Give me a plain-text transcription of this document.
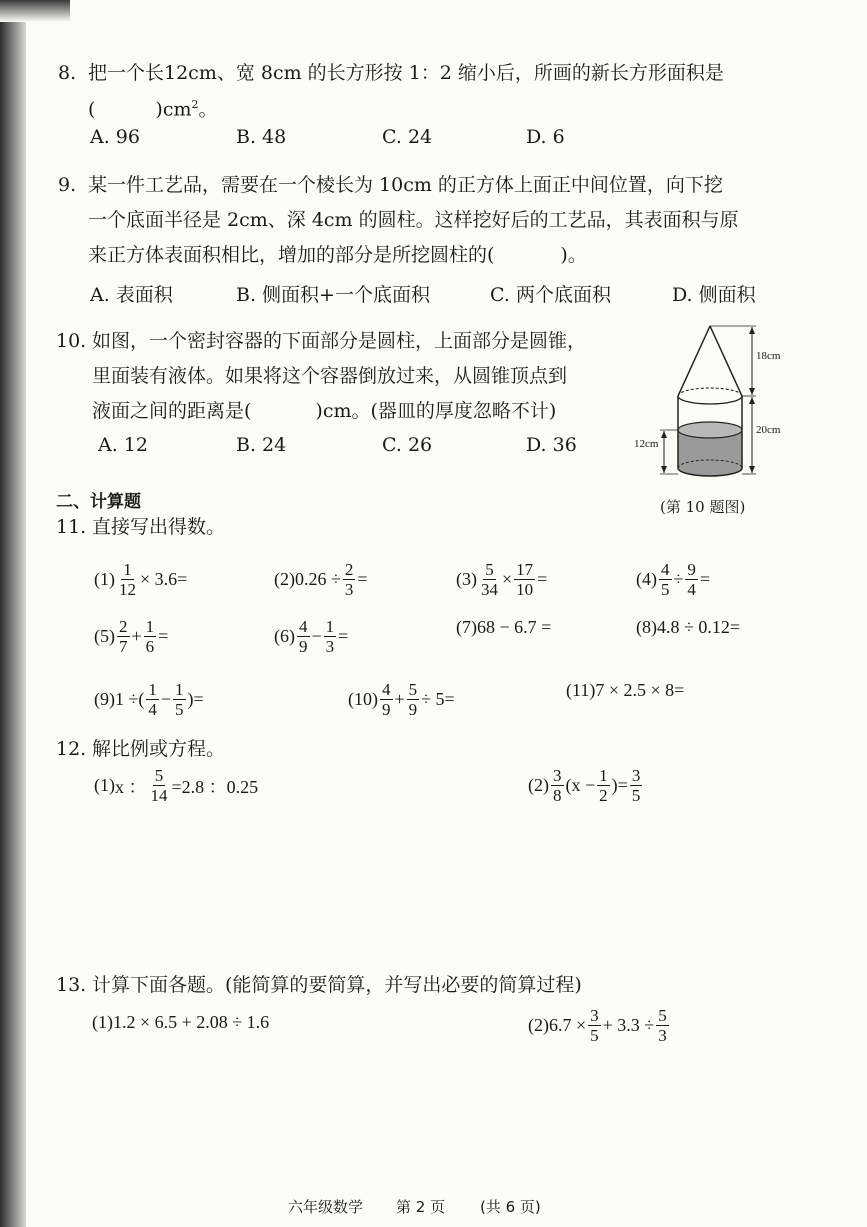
8. 把一个长12cm、宽 8cm 的长方形按 1：2 缩小后，所画的新长方形面积是
(	)$cm^2$。
A. 96	B. 48	C. 24	D. 6
9. 某一件工艺品，需要在一个棱长为 10cm 的正方体上面正中间位置，向下挖
一个底面半径是 2cm、深 4cm 的圆柱。这样挖好后的工艺品，其表面积与原
来正方体表面积相比，增加的部分是所挖圆柱的(	)。
A. 表面积	B. 侧面积+一个底面积	C. 两个底面积	D. 侧面积
10. 如图，一个密封容器的下面部分是圆柱，上面部分是圆锥，
里面装有液体。如果将这个容器倒放过来，从圆锥顶点到
液面之间的距离是(	)cm。(器皿的厚度忽略不计)
A. 12	B. 24	C. 26	D. 36
18cm
20cm
12cm
(第 10 题图)
二、计算题
11. 直接写出得数。
$(1) \frac{1}{12} \times 3.6=$	(2) $0.26 \div \frac{2}{3}$ =	$(3) \frac{5}{34} \times \frac{17}{10}$ =	$(4) \frac{4}{5} \div \frac{9}{4}$ =
$(5) \frac{2}{7} + \frac{1}{6}$ =	$(6) \frac{4}{9} - \frac{1}{3}$ =	(7) 68 − 6.7 =	(8) 4.8 ÷ 0.12=
(9) 1 ÷( $\frac{1}{4} - \frac{1}{5}$ )=	$(10) \frac{4}{9} + \frac{5}{9} \div 5=$	(11) 7 × 2.5 × 8=
12. 解比例或方程。
(1) x ： $\frac{5}{14} =2.8$ ：0.25	$(2) \frac{3}{8} (x - \frac{1}{2}$ )= $\frac{3}{5}$
13. 计算下面各题。(能简算的要简算，并写出必要的简算过程)
(1) 1.2 × 6.5 + 2.08 ÷ 1.6	(2) $6.7 \times \frac{3}{5} + 3.3 \div \frac{5}{3}$
六年级数学 第 2 页 (共 6 页)
